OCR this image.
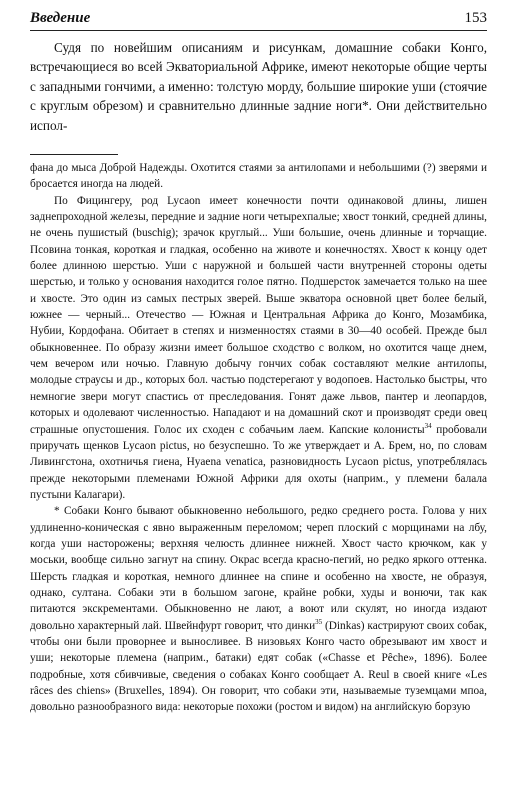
Введение	153

Судя по новейшим описаниям и рисункам, домашние собаки Конго, встречающиеся во всей Экваториальной Африке, имеют некоторые общие черты с западными гончими, а именно: толстую морду, большие широкие уши (стоячие с круглым обрезом) и сравнительно длинные задние ноги*. Они действительно испол-

фана до мыса Доброй Надежды. Охотится стаями за антилопами и небольшими (?) зверями и бросается иногда на людей.

По Фицингеру, род Lycaon имеет конечности почти одинаковой длины, лишен заднепроходной железы, передние и задние ноги четырехпалые; хвост тонкий, средней длины, не очень пушистый (buschig); зрачок круглый... Уши большие, очень длинные и торчащие. Псовина тонкая, короткая и гладкая, особенно на животе и конечностях. Хвост к концу одет более длинною шерстью. Уши с наружной и большей части внутренней стороны одеты шерстью, и только у основания находится голое пятно. Подшерсток замечается только на шее и хвосте. Это один из самых пестрых зверей. Выше экватора основной цвет более белый, южнее — черный... Отечество — Южная и Центральная Африка до Конго, Мозамбика, Нубии, Кордофана. Обитает в степях и низменностях стаями в 30—40 особей. Прежде был обыкновеннее. По образу жизни имеет большое сходство с волком, но охотится чаще днем, чем вечером или ночью. Главную добычу гончих собак составляют мелкие антилопы, молодые страусы и др., которых бол. частью подстерегают у водопоев. Настолько быстры, что немногие звери могут спастись от преследования. Гонят даже львов, пантер и леопардов, которых и одолевают численностью. Нападают и на домашний скот и производят среди овец страшные опустошения. Голос их сходен с собачьим лаем. Капские колонисты$^{34}$ пробовали приручать щенков Lycaon pictus, но безуспешно. То же утверждает и А. Брем, но, по словам Ливингстона, охотничья гиена, Hyaena venatica, разновидность Lycaon pictus, употреблялась прежде некоторыми племенами Южной Африки для охоты (наприм., у племени балала пустыни Калагари).

* Собаки Конго бывают обыкновенно небольшого, редко среднего роста. Голова у них удлиненно-коническая с явно выраженным переломом; череп плоский с морщинами на лбу, когда уши насторожены; верхняя челюсть длиннее нижней. Хвост часто крючком, как у моськи, вообще сильно загнут на спину. Окрас всегда красно-пегий, но редко яркого оттенка. Шерсть гладкая и короткая, немного длиннее на спине и особенно на хвосте, не образуя, однако, султана. Собаки эти в большом загоне, крайне робки, худы и вонючи, так как питаются экскрементами. Обыкновенно не лают, а воют или скулят, но иногда издают довольно характерный лай. Швейнфурт говорит, что динки$^{35}$ (Dinkas) кастрируют своих собак, чтобы они были проворнее и выносливее. В низовьях Конго часто обрезывают им хвост и уши; некоторые племена (наприм., батаки) едят собак («Chasse et Pêche», 1896). Более подробные, хотя сбивчивые, сведения о собаках Конго сообщает A. Reul в своей книге «Les râces des chiens» (Bruxelles, 1894). Он говорит, что собаки эти, называемые туземцами мпоа, довольно разнообразного вида: некоторые похожи (ростом и видом) на английскую борзую
